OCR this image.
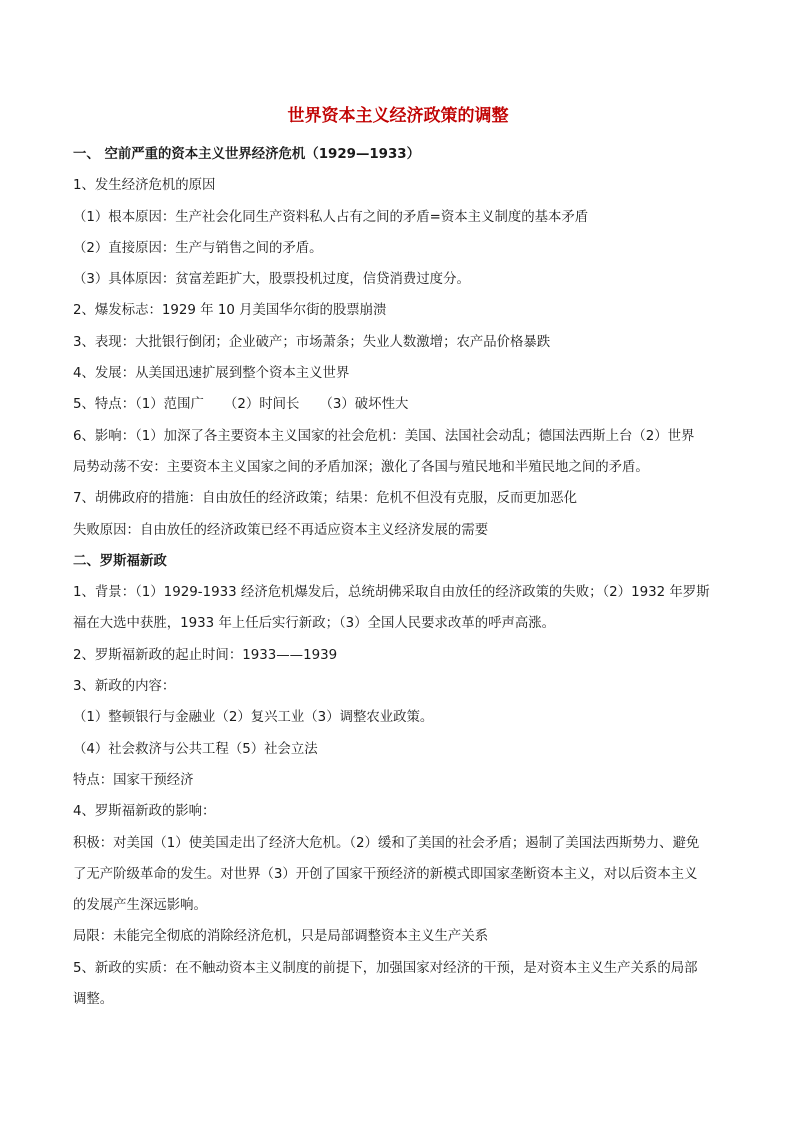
世界资本主义经济政策的调整
一、 空前严重的资本主义世界经济危机（1929—1933）
1、发生经济危机的原因
（1）根本原因：生产社会化同生产资料私人占有之间的矛盾=资本主义制度的基本矛盾
（2）直接原因：生产与销售之间的矛盾。
（3）具体原因：贫富差距扩大，股票投机过度，信贷消费过度分。
2、爆发标志：1929 年 10 月美国华尔街的股票崩溃
3、表现：大批银行倒闭；企业破产；市场萧条；失业人数激增；农产品价格暴跌
4、发展：从美国迅速扩展到整个资本主义世界
5、特点：（1）范围广　　（2）时间长　　（3）破坏性大
6、影响：（1）加深了各主要资本主义国家的社会危机：美国、法国社会动乱；德国法西斯上台（2）世界
局势动荡不安：主要资本主义国家之间的矛盾加深；激化了各国与殖民地和半殖民地之间的矛盾。
7、胡佛政府的措施：自由放任的经济政策；结果：危机不但没有克服，反而更加恶化
失败原因：自由放任的经济政策已经不再适应资本主义经济发展的需要
二、罗斯福新政
1、背景：（1）1929-1933 经济危机爆发后，总统胡佛采取自由放任的经济政策的失败；（2）1932 年罗斯
福在大选中获胜，1933 年上任后实行新政；（3）全国人民要求改革的呼声高涨。
2、罗斯福新政的起止时间：1933——1939
3、新政的内容：
（1）整顿银行与金融业（2）复兴工业（3）调整农业政策。
（4）社会救济与公共工程（5）社会立法
特点：国家干预经济
4、罗斯福新政的影响：
积极：对美国（1）使美国走出了经济大危机。（2）缓和了美国的社会矛盾；遏制了美国法西斯势力、避免
了无产阶级革命的发生。对世界（3）开创了国家干预经济的新模式即国家垄断资本主义，对以后资本主义
的发展产生深远影响。
局限：未能完全彻底的消除经济危机，只是局部调整资本主义生产关系
5、新政的实质：在不触动资本主义制度的前提下，加强国家对经济的干预，是对资本主义生产关系的局部
调整。
